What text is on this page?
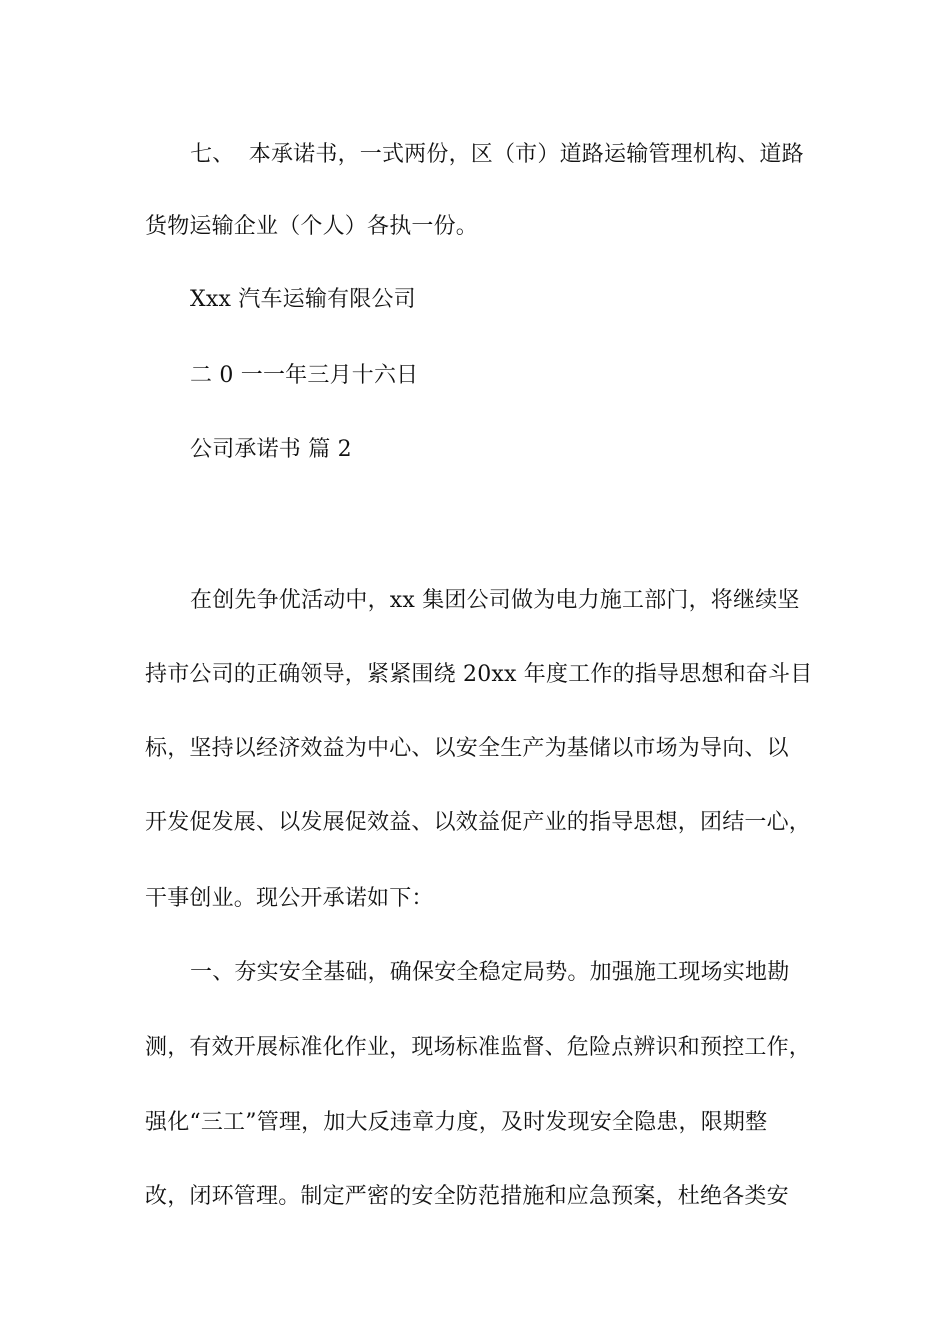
七、  本承诺书，一式两份，区（市）道路运输管理机构、道路
货物运输企业（个人）各执一份。
Xxx 汽车运输有限公司
二 0 一一年三月十六日
公司承诺书 篇 2
在创先争优活动中，xx 集团公司做为电力施工部门，将继续坚
持市公司的正确领导，紧紧围绕 20xx 年度工作的指导思想和奋斗目
标，坚持以经济效益为中心、以安全生产为基储以市场为导向、以
开发促发展、以发展促效益、以效益促产业的指导思想，团结一心，
干事创业。现公开承诺如下：
一、夯实安全基础，确保安全稳定局势。加强施工现场实地勘
测，有效开展标准化作业，现场标准监督、危险点辨识和预控工作，
强化“三工”管理，加大反违章力度，及时发现安全隐患，限期整
改，闭环管理。制定严密的安全防范措施和应急预案，杜绝各类安
